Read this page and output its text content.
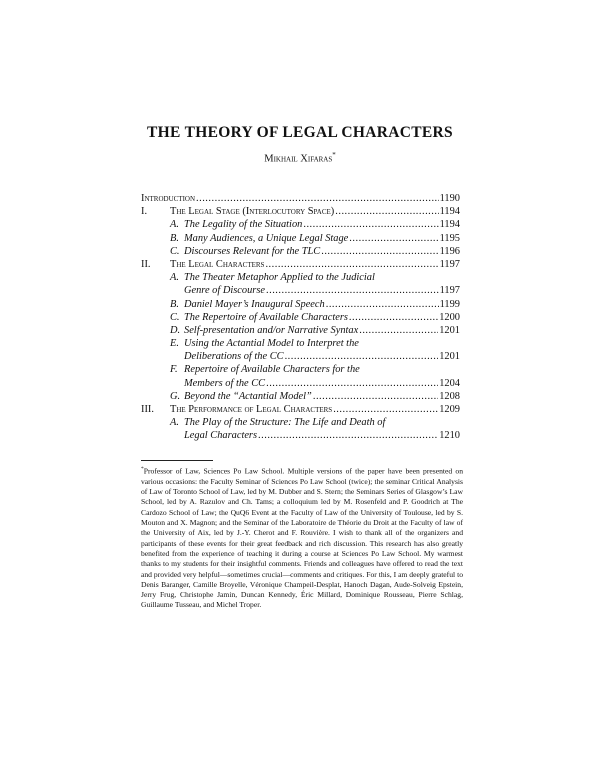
THE THEORY OF LEGAL CHARACTERS
Mikhail Xifaras*
Introduction .....	1190
I.	The Legal Stage (Interlocutory Space) .....	1194
A. The Legality of the Situation .....	1194
B. Many Audiences, a Unique Legal Stage .....	1195
C. Discourses Relevant for the TLC .....	1196
II.	The Legal Characters .....	1197
A. The Theater Metaphor Applied to the Judicial
Genre of Discourse .....	1197
B. Daniel Mayer’s Inaugural Speech .....	1199
C. The Repertoire of Available Characters .....	1200
D. Self-presentation and/or Narrative Syntax .....	1201
E. Using the Actantial Model to Interpret the
Deliberations of the CC .....	1201
F. Repertoire of Available Characters for the
Members of the CC .....	1204
G. Beyond the “Actantial Model” .....	1208
III.	The Performance of Legal Characters .....	1209
A. The Play of the Structure: The Life and Death of
Legal Characters .....	1210
*Professor of Law, Sciences Po Law School. Multiple versions of the paper have been presented on various occasions: the Faculty Seminar of Sciences Po Law School (twice); the seminar Critical Analysis of Law of Toronto School of Law, led by M. Dubber and S. Stern; the Seminars Series of Glasgow’s Law School, led by A. Razulov and Ch. Tams; a colloquium led by M. Rosenfeld and P. Goodrich at The Cardozo School of Law; the QuQ6 Event at the Faculty of Law of the University of Toulouse, led by S. Mouton and X. Magnon; and the Seminar of the Laboratoire de Théorie du Droit at the Faculty of law of the University of Aix, led by J.-Y. Cherot and F. Rouvière. I wish to thank all of the organizers and participants of these events for their great feedback and rich discussion. This research has also greatly benefited from the experience of teaching it during a course at Sciences Po Law School. My warmest thanks to my students for their insightful comments. Friends and colleagues have offered to read the text and provided very helpful—sometimes crucial—comments and critiques. For this, I am deeply grateful to Denis Baranger, Camille Broyelle, Véronique Champeil-Desplat, Hanoch Dagan, Aude-Solveig Epstein, Jerry Frug, Christophe Jamin, Duncan Kennedy, Éric Millard, Dominique Rousseau, Pierre Schlag, Guillaume Tusseau, and Michel Troper.
